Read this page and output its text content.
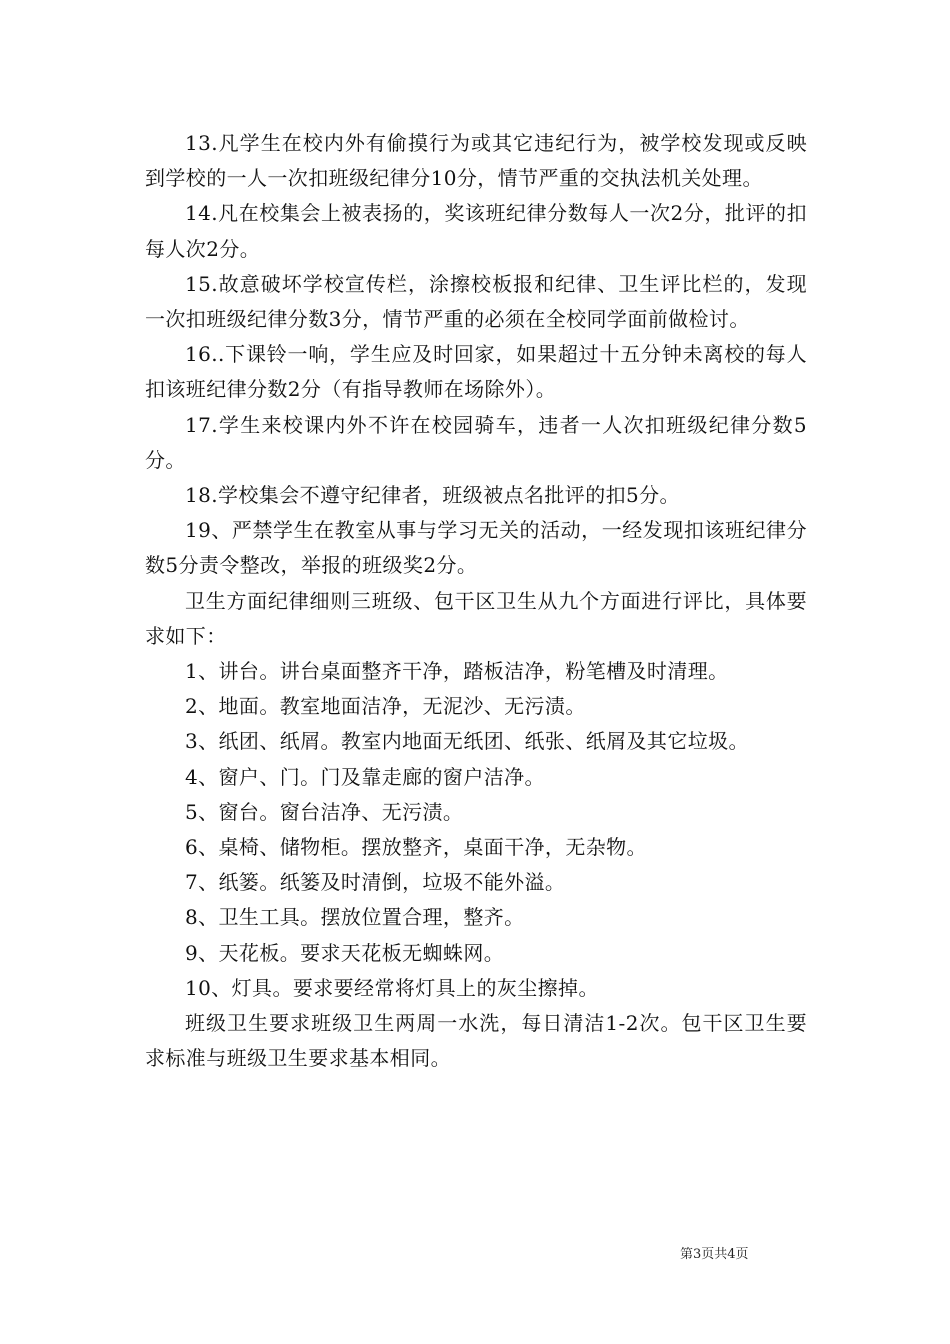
13.凡学生在校内外有偷摸行为或其它违纪行为，被学校发现或反映到学校的一人一次扣班级纪律分10分，情节严重的交执法机关处理。

14.凡在校集会上被表扬的，奖该班纪律分数每人一次2分，批评的扣每人次2分。

15.故意破坏学校宣传栏，涂擦校板报和纪律、卫生评比栏的，发现一次扣班级纪律分数3分，情节严重的必须在全校同学面前做检讨。

16..下课铃一响，学生应及时回家，如果超过十五分钟未离校的每人扣该班纪律分数2分（有指导教师在场除外）。

17.学生来校课内外不许在校园骑车，违者一人次扣班级纪律分数5分。

18.学校集会不遵守纪律者，班级被点名批评的扣5分。

19、严禁学生在教室从事与学习无关的活动，一经发现扣该班纪律分数5分责令整改，举报的班级奖2分。

卫生方面纪律细则三班级、包干区卫生从九个方面进行评比，具体要求如下：

1、讲台。讲台桌面整齐干净，踏板洁净，粉笔槽及时清理。

2、地面。教室地面洁净，无泥沙、无污渍。

3、纸团、纸屑。教室内地面无纸团、纸张、纸屑及其它垃圾。

4、窗户、门。门及靠走廊的窗户洁净。

5、窗台。窗台洁净、无污渍。

6、桌椅、储物柜。摆放整齐，桌面干净，无杂物。

7、纸篓。纸篓及时清倒，垃圾不能外溢。

8、卫生工具。摆放位置合理，整齐。

9、天花板。要求天花板无蜘蛛网。

10、灯具。要求要经常将灯具上的灰尘擦掉。

班级卫生要求班级卫生两周一水洗，每日清洁1-2次。包干区卫生要求标准与班级卫生要求基本相同。

第3页共4页
